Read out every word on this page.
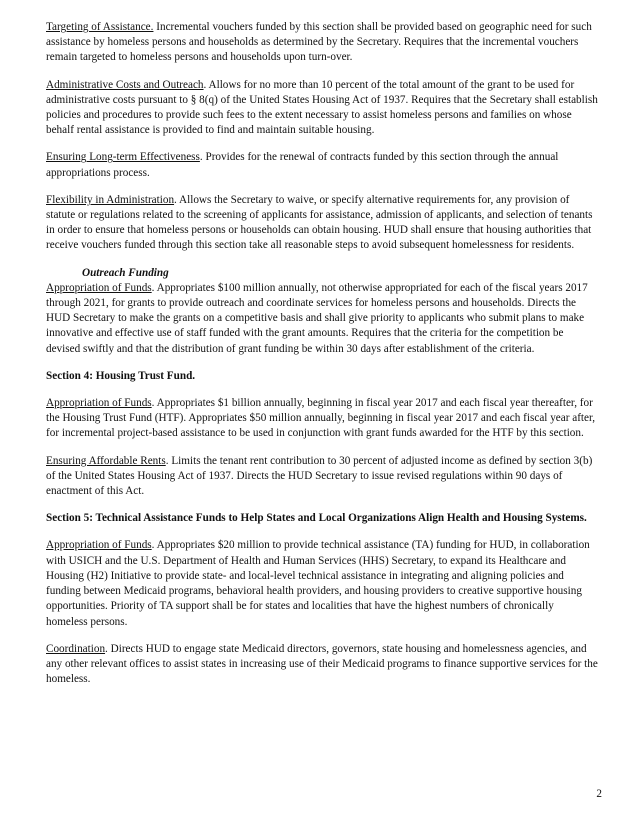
Targeting of Assistance. Incremental vouchers funded by this section shall be provided based on geographic need for such assistance by homeless persons and households as determined by the Secretary. Requires that the incremental vouchers remain targeted to homeless persons and households upon turn-over.

Administrative Costs and Outreach. Allows for no more than 10 percent of the total amount of the grant to be used for administrative costs pursuant to § 8(q) of the United States Housing Act of 1937. Requires that the Secretary shall establish policies and procedures to provide such fees to the extent necessary to assist homeless persons and families on whose behalf rental assistance is provided to find and maintain suitable housing.

Ensuring Long-term Effectiveness. Provides for the renewal of contracts funded by this section through the annual appropriations process.

Flexibility in Administration. Allows the Secretary to waive, or specify alternative requirements for, any provision of statute or regulations related to the screening of applicants for assistance, admission of applicants, and selection of tenants in order to ensure that homeless persons or households can obtain housing. HUD shall ensure that housing authorities that receive vouchers funded through this section take all reasonable steps to avoid subsequent homelessness for residents.

Outreach Funding

Appropriation of Funds. Appropriates $100 million annually, not otherwise appropriated for each of the fiscal years 2017 through 2021, for grants to provide outreach and coordinate services for homeless persons and households. Directs the HUD Secretary to make the grants on a competitive basis and shall give priority to applicants who submit plans to make innovative and effective use of staff funded with the grant amounts. Requires that the criteria for the competition be devised swiftly and that the distribution of grant funding be within 30 days after establishment of the criteria.

Section 4: Housing Trust Fund.

Appropriation of Funds. Appropriates $1 billion annually, beginning in fiscal year 2017 and each fiscal year thereafter, for the Housing Trust Fund (HTF). Appropriates $50 million annually, beginning in fiscal year 2017 and each fiscal year after, for incremental project-based assistance to be used in conjunction with grant funds awarded for the HTF by this section.

Ensuring Affordable Rents. Limits the tenant rent contribution to 30 percent of adjusted income as defined by section 3(b) of the United States Housing Act of 1937. Directs the HUD Secretary to issue revised regulations within 90 days of enactment of this Act.

Section 5: Technical Assistance Funds to Help States and Local Organizations Align Health and Housing Systems.

Appropriation of Funds. Appropriates $20 million to provide technical assistance (TA) funding for HUD, in collaboration with USICH and the U.S. Department of Health and Human Services (HHS) Secretary, to expand its Healthcare and Housing (H2) Initiative to provide state- and local-level technical assistance in integrating and aligning policies and funding between Medicaid programs, behavioral health providers, and housing providers to creative supportive housing opportunities. Priority of TA support shall be for states and localities that have the highest numbers of chronically homeless persons.

Coordination. Directs HUD to engage state Medicaid directors, governors, state housing and homelessness agencies, and any other relevant offices to assist states in increasing use of their Medicaid programs to finance supportive services for the homeless.

2
